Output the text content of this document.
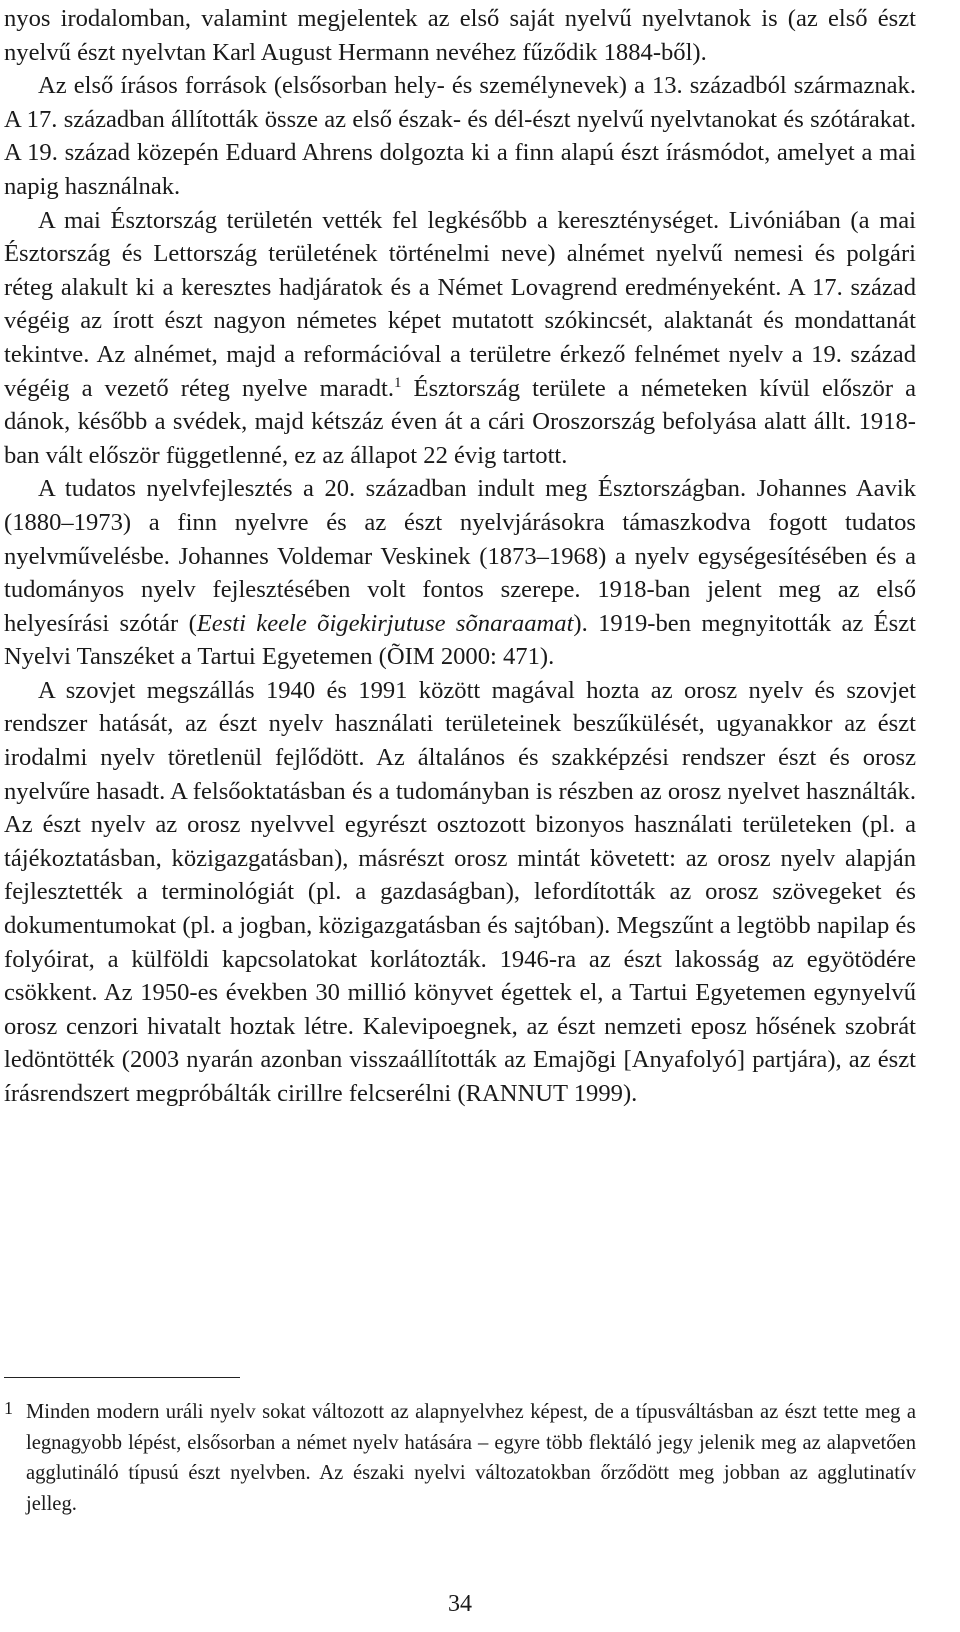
nyos irodalomban, valamint megjelentek az első saját nyelvű nyelvtanok is (az első észt nyelvű észt nyelvtan Karl August Hermann nevéhez fűződik 1884-ből).

Az első írásos források (elsősorban hely- és személynevek) a 13. századból származnak. A 17. században állították össze az első észak- és dél-észt nyelvű nyelvtanokat és szótárakat. A 19. század közepén Eduard Ahrens dolgozta ki a finn alapú észt írásmódot, amelyet a mai napig használnak.

A mai Észtország területén vették fel legkésőbb a kereszténységet. Livóniában (a mai Észtország és Lettország területének történelmi neve) alnémet nyelvű nemesi és polgári réteg alakult ki a keresztes hadjáratok és a Német Lovagrend eredményeként. A 17. század végéig az írott észt nagyon németes képet mutatott szókincsét, alaktanát és mondattanát tekintve. Az alnémet, majd a reformációval a területre érkező felnémet nyelv a 19. század végéig a vezető réteg nyelve maradt.$^1$ Észtország területe a németeken kívül először a dánok, később a svédek, majd kétszáz éven át a cári Oroszország befolyása alatt állt. 1918-ban vált először függetlenné, ez az állapot 22 évig tartott.

A tudatos nyelvfejlesztés a 20. században indult meg Észtországban. Johannes Aavik (1880–1973) a finn nyelvre és az észt nyelvjárásokra támaszkodva fogott tudatos nyelvművelésbe. Johannes Voldemar Veskinek (1873–1968) a nyelv egységesítésében és a tudományos nyelv fejlesztésében volt fontos szerepe. 1918-ban jelent meg az első helyesírási szótár (Eesti keele õigekirjutuse sõnaraamat). 1919-ben megnyitották az Észt Nyelvi Tanszéket a Tartui Egyetemen (ÕIM 2000: 471).

A szovjet megszállás 1940 és 1991 között magával hozta az orosz nyelv és szovjet rendszer hatását, az észt nyelv használati területeinek beszűkülését, ugyanakkor az észt irodalmi nyelv töretlenül fejlődött. Az általános és szakképzési rendszer észt és orosz nyelvűre hasadt. A felsőoktatásban és a tudományban is részben az orosz nyelvet használták. Az észt nyelv az orosz nyelvvel egyrészt osztozott bizonyos használati területeken (pl. a tájékoztatásban, közigazgatásban), másrészt orosz mintát követett: az orosz nyelv alapján fejlesztették a terminológiát (pl. a gazdaságban), lefordították az orosz szövegeket és dokumentumokat (pl. a jogban, közigazgatásban és sajtóban). Megszűnt a legtöbb napilap és folyóirat, a külföldi kapcsolatokat korlátozták. 1946-ra az észt lakosság az egyötödére csökkent. Az 1950-es években 30 millió könyvet égettek el, a Tartui Egyetemen egynyelvű orosz cenzori hivatalt hoztak létre. Kalevipoegnek, az észt nemzeti eposz hősének szobrát ledöntötték (2003 nyarán azonban visszaállították az Emajõgi [Anyafolyó] partjára), az észt írásrendszert megpróbálták cirillre felcserélni (RANNUT 1999).

1 Minden modern uráli nyelv sokat változott az alapnyelvhez képest, de a típusváltásban az észt tette meg a legnagyobb lépést, elsősorban a német nyelv hatására – egyre több flektáló jegy jelenik meg az alapvetően agglutináló típusú észt nyelvben. Az északi nyelvi változatokban őrződött meg jobban az agglutinatív jelleg.

34
